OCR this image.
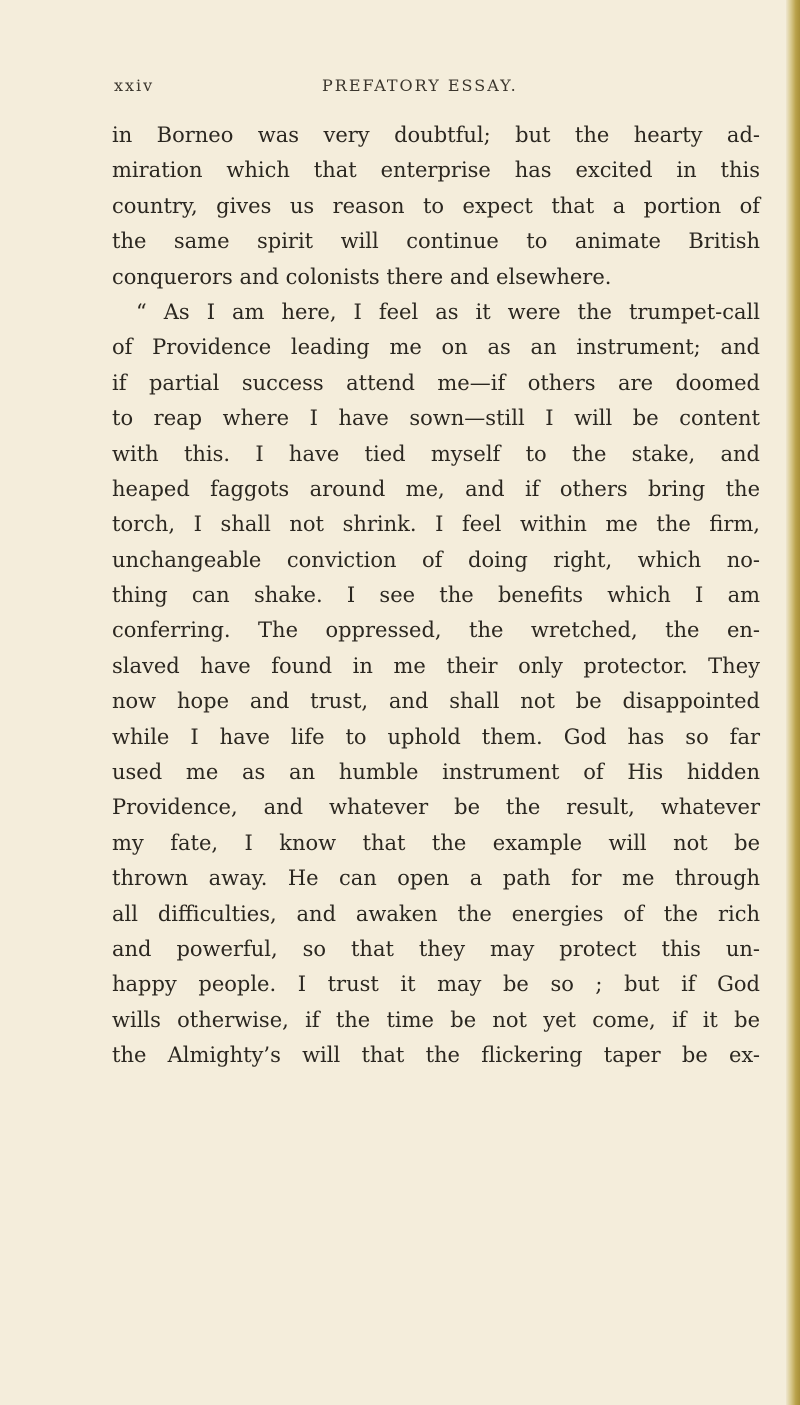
xxiv	PREFATORY ESSAY.
in Borneo was very doubtful; but the hearty ad-
miration which that enterprise has excited in this
country, gives us reason to expect that a portion of
the same spirit will continue to animate British
conquerors and colonists there and elsewhere.
“ As I am here, I feel as it were the trumpet-call
of Providence leading me on as an instrument; and
if partial success attend me—if others are doomed
to reap where I have sown—still I will be content
with this. I have tied myself to the stake, and
heaped faggots around me, and if others bring the
torch, I shall not shrink. I feel within me the firm,
unchangeable conviction of doing right, which no-
thing can shake. I see the benefits which I am
conferring. The oppressed, the wretched, the en-
slaved have found in me their only protector. They
now hope and trust, and shall not be disappointed
while I have life to uphold them. God has so far
used me as an humble instrument of His hidden
Providence, and whatever be the result, whatever
my fate, I know that the example will not be
thrown away. He can open a path for me through
all difficulties, and awaken the energies of the rich
and powerful, so that they may protect this un-
happy people. I trust it may be so ; but if God
wills otherwise, if the time be not yet come, if it be
the Almighty’s will that the flickering taper be ex-
